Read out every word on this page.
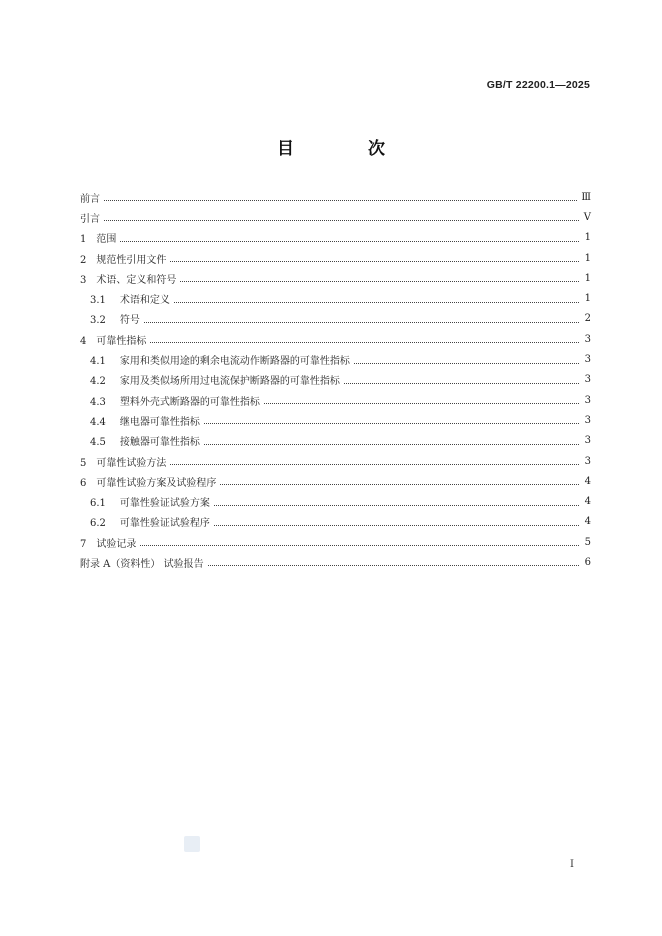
GB/T 22200.1—2025
目 次
前言	Ⅲ
引言	Ⅴ
1 范围	1
2 规范性引用文件	1
3 术语、定义和符号	1
3.1 术语和定义	1
3.2 符号	2
4 可靠性指标	3
4.1 家用和类似用途的剩余电流动作断路器的可靠性指标	3
4.2 家用及类似场所用过电流保护断路器的可靠性指标	3
4.3 塑料外壳式断路器的可靠性指标	3
4.4 继电器可靠性指标	3
4.5 接触器可靠性指标	3
5 可靠性试验方法	3
6 可靠性试验方案及试验程序	4
6.1 可靠性验证试验方案	4
6.2 可靠性验证试验程序	4
7 试验记录	5
附录 A（资料性） 试验报告	6
Ⅰ
